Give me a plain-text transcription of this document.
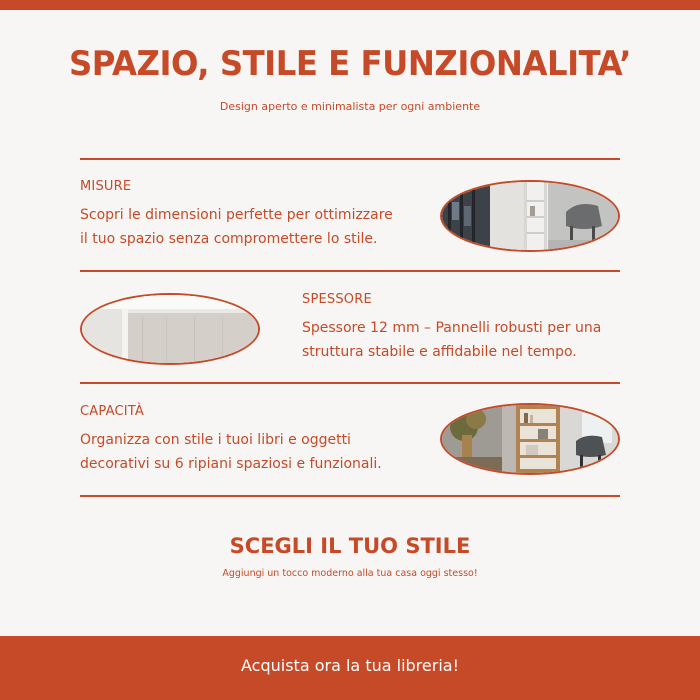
SPAZIO, STILE E FUNZIONALITA’
Design aperto e minimalista per ogni ambiente
MISURE
Scopri le dimensioni perfette per ottimizzare
il tuo spazio senza compromettere lo stile.
SPESSORE
Spessore 12 mm – Pannelli robusti per una
struttura stabile e affidabile nel tempo.
CAPACITÀ
Organizza con stile i tuoi libri e oggetti
decorativi su 6 ripiani spaziosi e funzionali.
SCEGLI IL TUO STILE
Aggiungi un tocco moderno alla tua casa oggi stesso!
Acquista ora la tua libreria!
